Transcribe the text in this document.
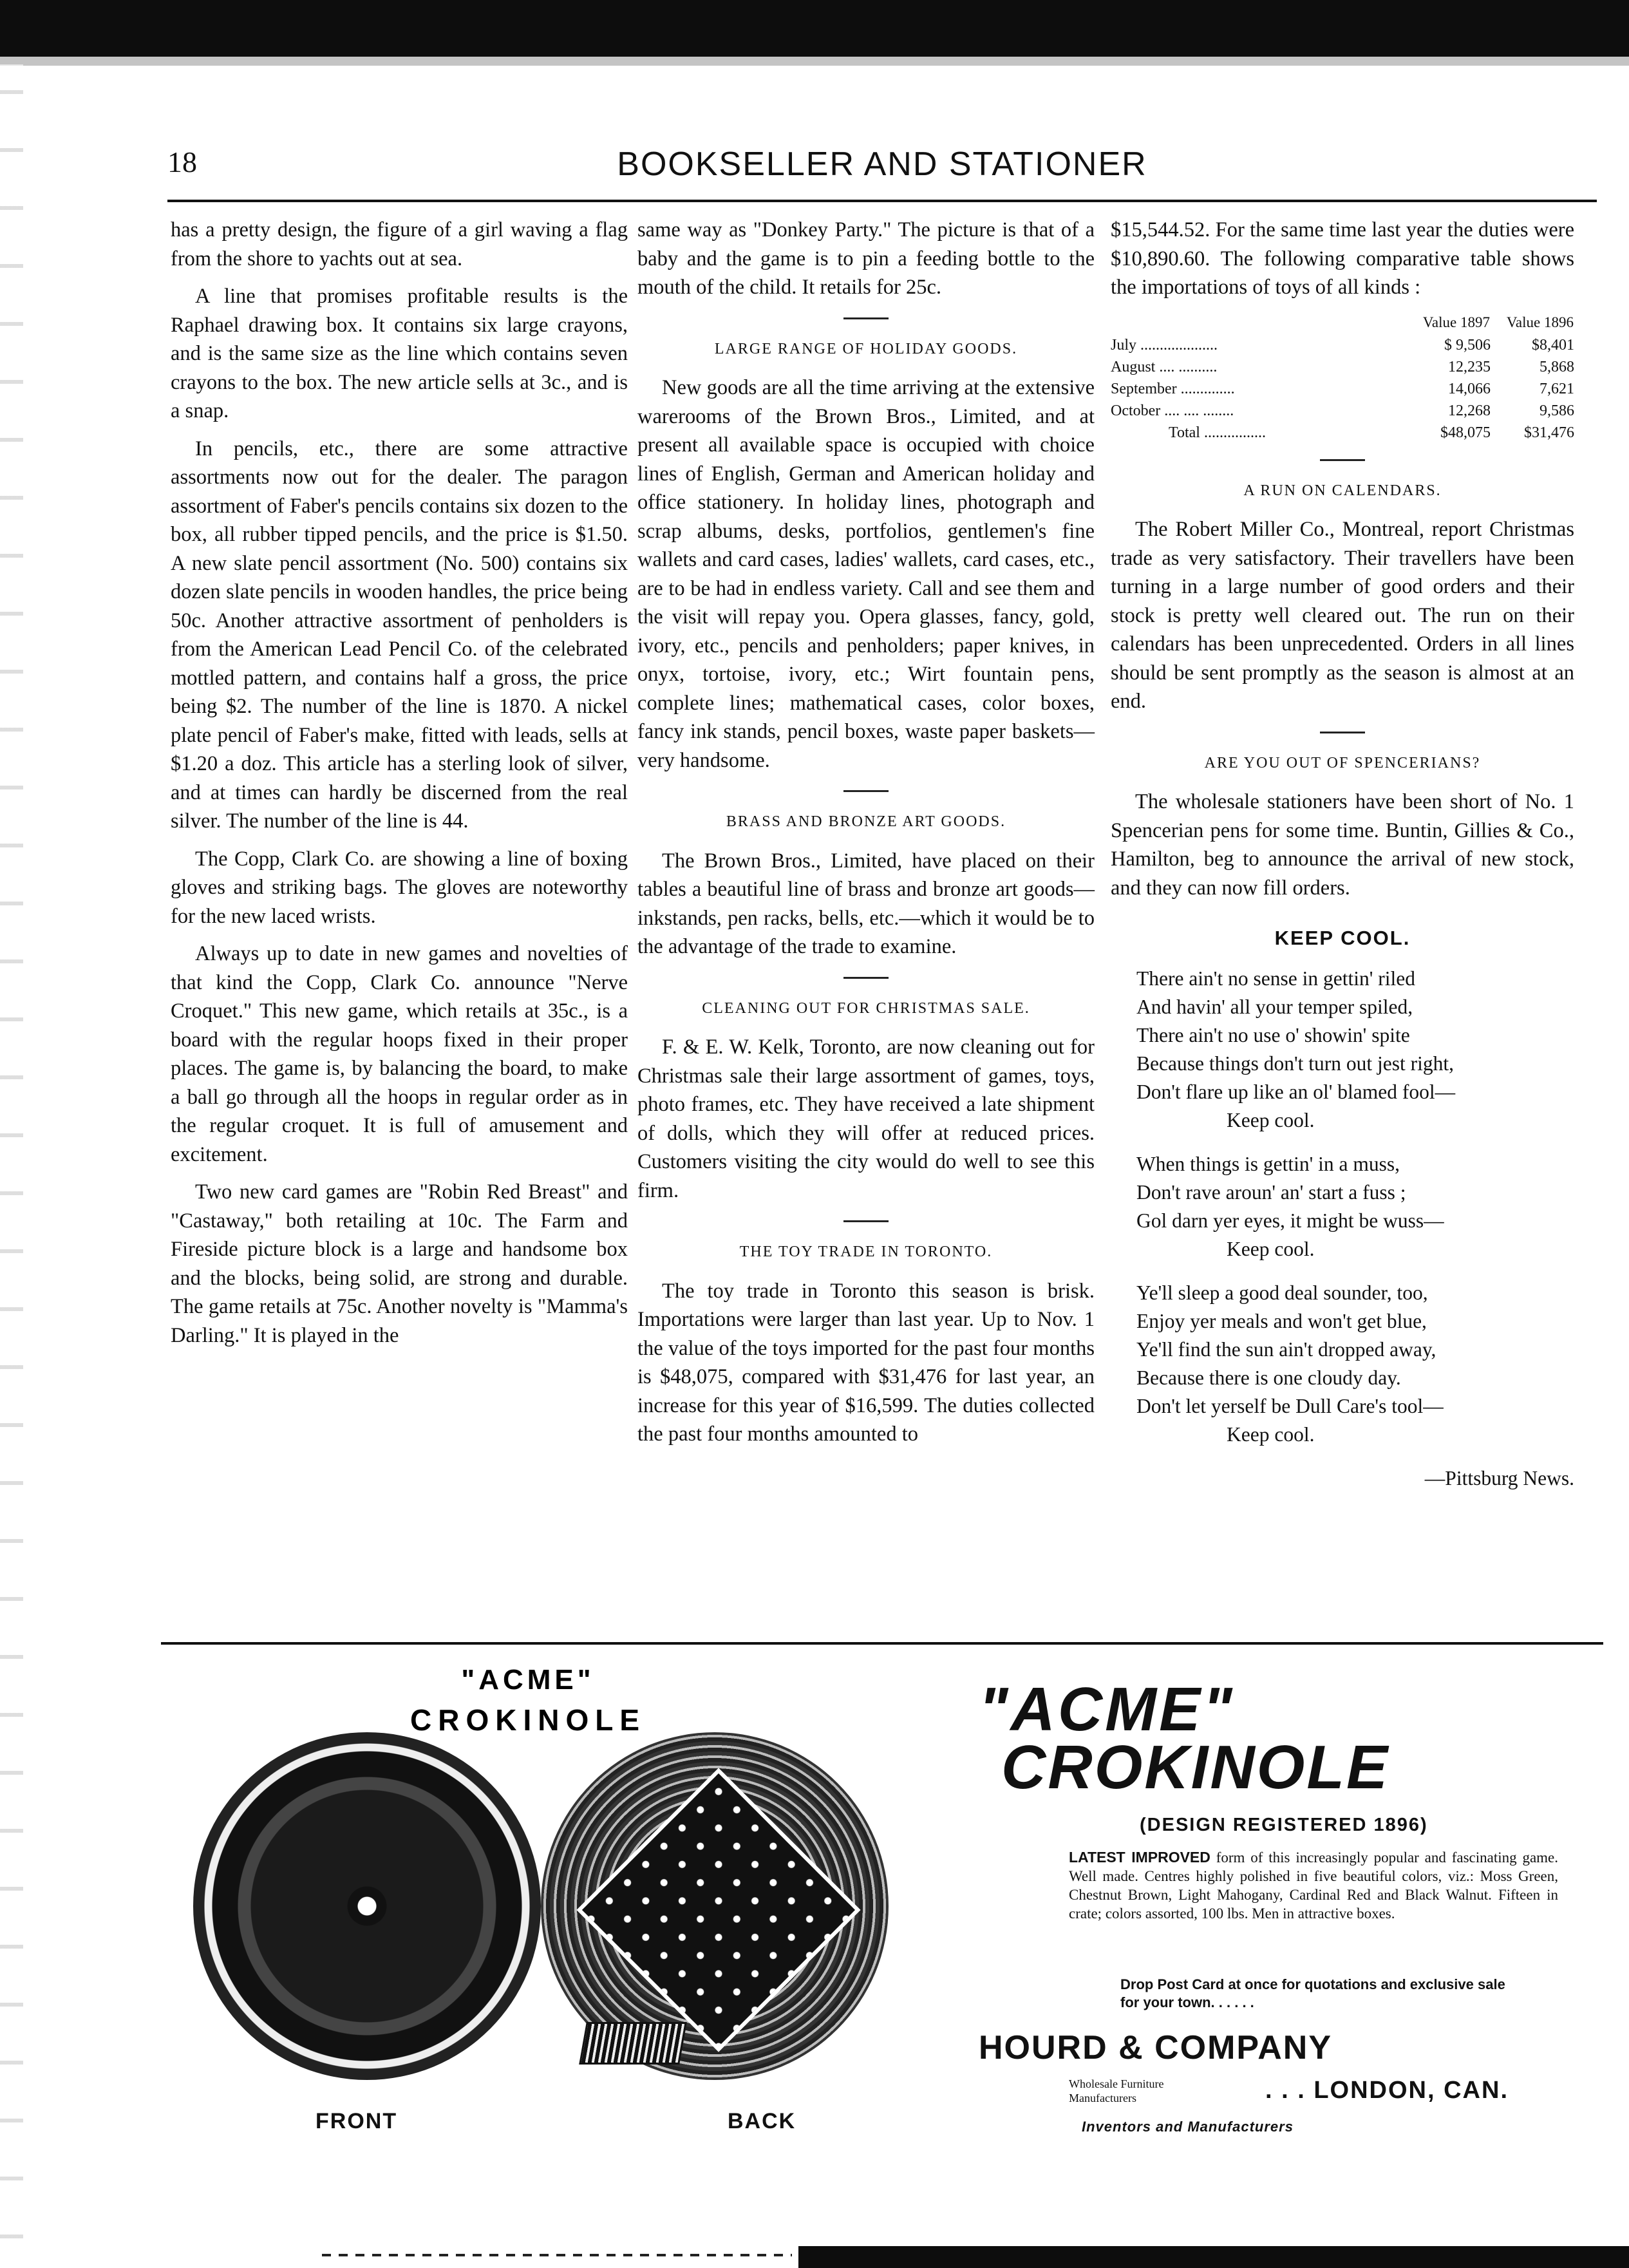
18	BOOKSELLER AND STATIONER

has a pretty design, the figure of a girl waving a flag from the shore to yachts out at sea.

A line that promises profitable results is the Raphael drawing box. It contains six large crayons, and is the same size as the line which contains seven crayons to the box. The new article sells at 3c., and is a snap.

In pencils, etc., there are some attractive assortments now out for the dealer. The paragon assortment of Faber's pencils contains six dozen to the box, all rubber tipped pencils, and the price is $1.50. A new slate pencil assortment (No. 500) contains six dozen slate pencils in wooden handles, the price being 50c. Another attractive assortment of penholders is from the American Lead Pencil Co. of the celebrated mottled pattern, and contains half a gross, the price being $2. The number of the line is 1870. A nickel plate pencil of Faber's make, fitted with leads, sells at $1.20 a doz. This article has a sterling look of silver, and at times can hardly be discerned from the real silver. The number of the line is 44.

The Copp, Clark Co. are showing a line of boxing gloves and striking bags. The gloves are noteworthy for the new laced wrists.

Always up to date in new games and novelties of that kind the Copp, Clark Co. announce "Nerve Croquet." This new game, which retails at 35c., is a board with the regular hoops fixed in their proper places. The game is, by balancing the board, to make a ball go through all the hoops in regular order as in the regular croquet. It is full of amusement and excitement.

Two new card games are "Robin Red Breast" and "Castaway," both retailing at 10c. The Farm and Fireside picture block is a large and handsome box and the blocks, being solid, are strong and durable. The game retails at 75c. Another novelty is "Mamma's Darling." It is played in the

same way as "Donkey Party." The picture is that of a baby and the game is to pin a feeding bottle to the mouth of the child. It retails for 25c.

LARGE RANGE OF HOLIDAY GOODS.

New goods are all the time arriving at the extensive warerooms of the Brown Bros., Limited, and at present all available space is occupied with choice lines of English, German and American holiday and office stationery. In holiday lines, photograph and scrap albums, desks, portfolios, gentlemen's fine wallets and card cases, ladies' wallets, card cases, etc., are to be had in endless variety. Call and see them and the visit will repay you. Opera glasses, fancy, gold, ivory, etc., pencils and penholders; paper knives, in onyx, tortoise, ivory, etc.; Wirt fountain pens, complete lines; mathematical cases, color boxes, fancy ink stands, pencil boxes, waste paper baskets—very handsome.

BRASS AND BRONZE ART GOODS.

The Brown Bros., Limited, have placed on their tables a beautiful line of brass and bronze art goods—inkstands, pen racks, bells, etc.—which it would be to the advantage of the trade to examine.

CLEANING OUT FOR CHRISTMAS SALE.

F. & E. W. Kelk, Toronto, are now cleaning out for Christmas sale their large assortment of games, toys, photo frames, etc. They have received a late shipment of dolls, which they will offer at reduced prices. Customers visiting the city would do well to see this firm.

THE TOY TRADE IN TORONTO.

The toy trade in Toronto this season is brisk. Importations were larger than last year. Up to Nov. 1 the value of the toys imported for the past four months is $48,075, compared with $31,476 for last year, an increase for this year of $16,599. The duties collected the past four months amounted to

$15,544.52. For the same time last year the duties were $10,890.60. The following comparative table shows the importations of toys of all kinds :

	Value 1897	Value 1896
July ....................	$ 9,506	$8,401
August .... ..........	12,235	5,868
September ..............	14,066	7,621
October .... .... ........	12,268	9,586
Total ................	$48,075	$31,476
A RUN ON CALENDARS.

The Robert Miller Co., Montreal, report Christmas trade as very satisfactory. Their travellers have been turning in a large number of good orders and their stock is pretty well cleared out. The run on their calendars has been unprecedented. Orders in all lines should be sent promptly as the season is almost at an end.

ARE YOU OUT OF SPENCERIANS?

The wholesale stationers have been short of No. 1 Spencerian pens for some time. Buntin, Gillies & Co., Hamilton, beg to announce the arrival of new stock, and they can now fill orders.

KEEP COOL.
There ain't no sense in gettin' riled
And havin' all your temper spiled,
There ain't no use o' showin' spite
Because things don't turn out jest right,
Don't flare up like an ol' blamed fool—
Keep cool.
When things is gettin' in a muss,
Don't rave aroun' an' start a fuss ;
Gol darn yer eyes, it might be wuss—
Keep cool.
Ye'll sleep a good deal sounder, too,
Enjoy yer meals and won't get blue,
Ye'll find the sun ain't dropped away,
Because there is one cloudy day.
Don't let yerself be Dull Care's tool—
Keep cool.
—Pittsburg News.
"ACME"
CROKINOLE
FRONT	BACK
"ACME"
CROKINOLE
(DESIGN REGISTERED 1896)
LATEST IMPROVED form of this increasingly popular and fascinating game. Well made. Centres highly polished in five beautiful colors, viz.: Moss Green, Chestnut Brown, Light Mahogany, Cardinal Red and Black Walnut. Fifteen in crate; colors assorted, 100 lbs. Men in attractive boxes.
Drop Post Card at once for quotations and exclusive sale for your town. . . . . .
HOURD & COMPANY
Wholesale Furniture
Manufacturers	. . . LONDON, CAN.
Inventors and Manufacturers
